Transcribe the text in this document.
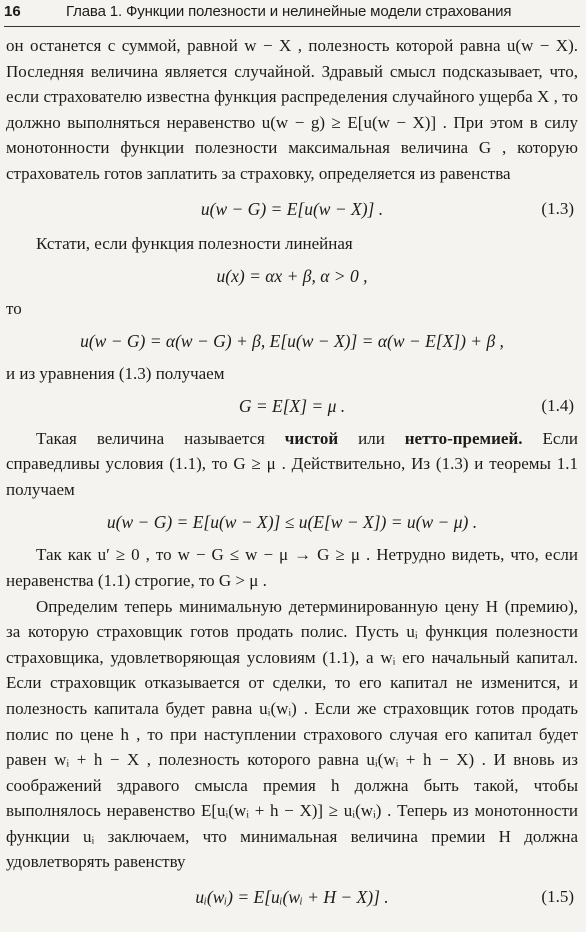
16	Глава 1. Функции полезности и нелинейные модели страхования

он останется с суммой, равной w − X , полезность которой равна u(w − X). Последняя величина является случайной. Здравый смысл подсказывает, что, если страхователю известна функция распределения случайного ущерба X , то должно выполняться неравенство u(w − g) ≥ E[u(w − X)] . При этом в силу монотонности функции полезности максимальная величина G , которую страхователь готов заплатить за страховку, определяется из равенства

u(w − G) = E[u(w − X)] .	(1.3)
Кстати, если функция полезности линейная
u(x) = αx + β, α > 0 ,
то
u(w − G) = α(w − G) + β, E[u(w − X)] = α(w − E[X]) + β ,
и из уравнения (1.3) получаем
G = E[X] = μ .	(1.4)

Такая величина называется чистой или нетто-премией. Если справедливы условия (1.1), то G ≥ μ . Действительно, Из (1.3) и теоремы 1.1 получаем

u(w − G) = E[u(w − X)] ≤ u(E[w − X]) = u(w − μ) .

Так как u′ ≥ 0 , то w − G ≤ w − μ → G ≥ μ . Нетрудно видеть, что, если неравенства (1.1) строгие, то G > μ .

Определим теперь минимальную детерминированную цену H (премию), за которую страховщик готов продать полис. Пусть uᵢ функция полезности страховщика, удовлетворяющая условиям (1.1), а wᵢ его начальный капитал. Если страховщик отказывается от сделки, то его капитал не изменится, и полезность капитала будет равна uᵢ(wᵢ) . Если же страховщик готов продать полис по цене h , то при наступлении страхового случая его капитал будет равен wᵢ + h − X , полезность которого равна uᵢ(wᵢ + h − X) . И вновь из соображений здравого смысла премия h должна быть такой, чтобы выполнялось неравенство E[uᵢ(wᵢ + h − X)] ≥ uᵢ(wᵢ) . Теперь из монотонности функции uᵢ заключаем, что минимальная величина премии H должна удовлетворять равенству

uᵢ(wᵢ) = E[uᵢ(wᵢ + H − X)] .	(1.5)
